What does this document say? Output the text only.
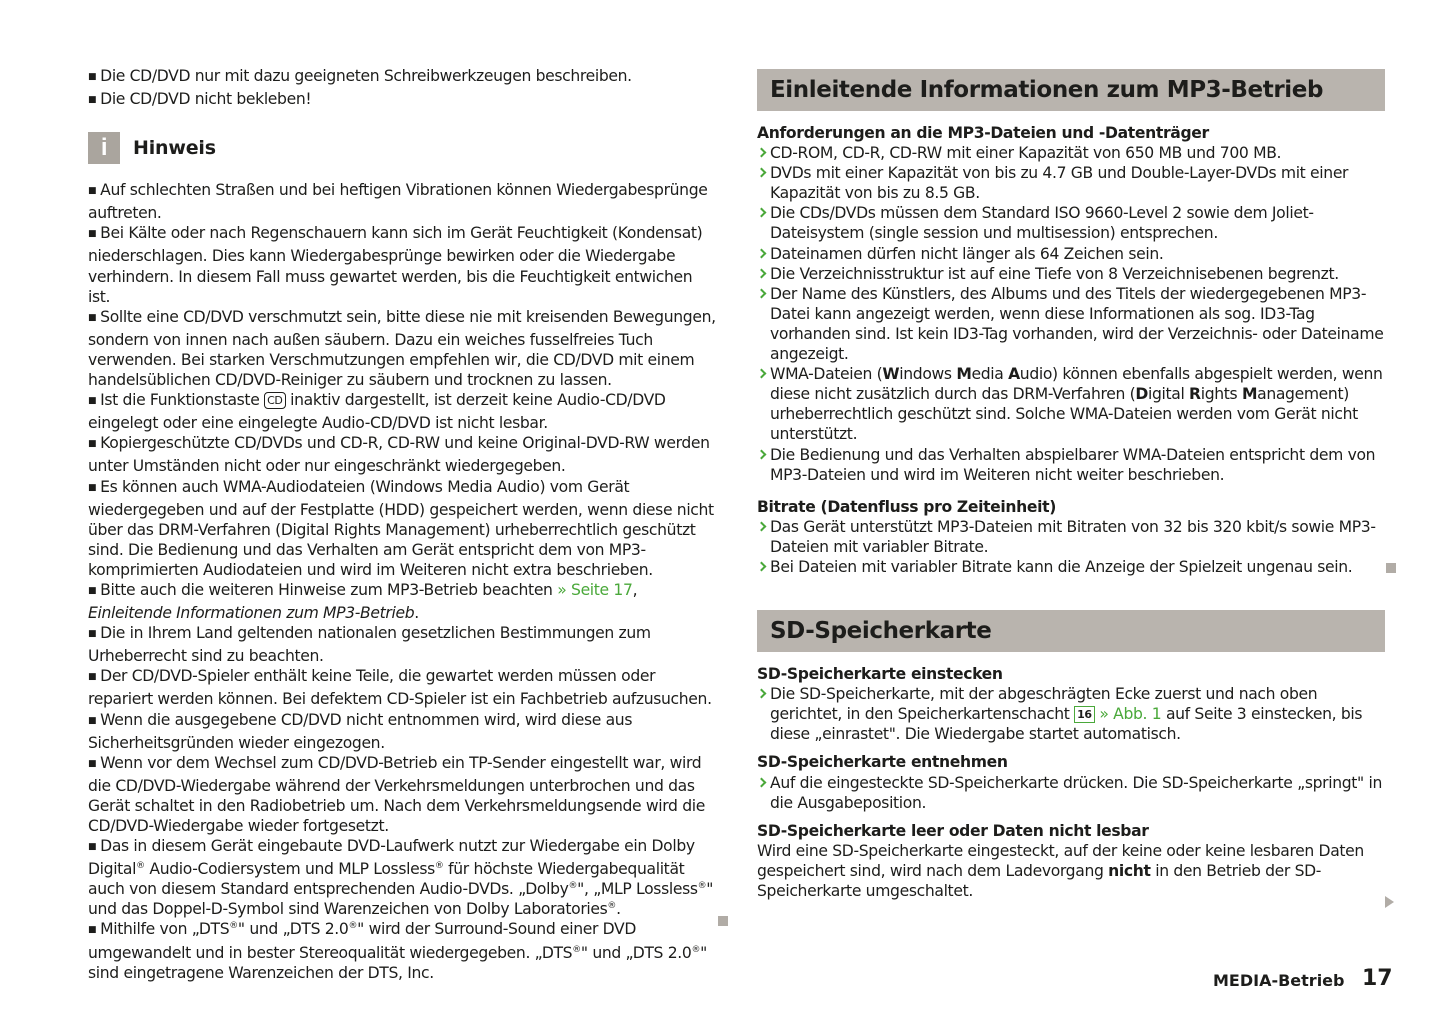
■ Die CD/DVD nur mit dazu geeigneten Schreibwerkzeugen beschreiben.

■ Die CD/DVD nicht bekleben!

i	Hinweis

■ Auf schlechten Straßen und bei heftigen Vibrationen können Wiedergabesprünge auftreten.

■ Bei Kälte oder nach Regenschauern kann sich im Gerät Feuchtigkeit (Kondensat) niederschlagen. Dies kann Wiedergabesprünge bewirken oder die Wiedergabe verhindern. In diesem Fall muss gewartet werden, bis die Feuchtigkeit entwichen ist.

■ Sollte eine CD/DVD verschmutzt sein, bitte diese nie mit kreisenden Bewegungen, sondern von innen nach außen säubern. Dazu ein weiches fusselfreies Tuch verwenden. Bei starken Verschmutzungen empfehlen wir, die CD/DVD mit einem handelsüblichen CD/DVD-Reiniger zu säubern und trocknen zu lassen.

■ Ist die Funktionstaste CD inaktiv dargestellt, ist derzeit keine Audio-CD/DVD eingelegt oder eine eingelegte Audio-CD/DVD ist nicht lesbar.

■ Kopiergeschützte CD/DVDs und CD-R, CD-RW und keine Original-DVD-RW werden unter Umständen nicht oder nur eingeschränkt wiedergegeben.

■ Es können auch WMA-Audiodateien (Windows Media Audio) vom Gerät wiedergegeben und auf der Festplatte (HDD) gespeichert werden, wenn diese nicht über das DRM-Verfahren (Digital Rights Management) urheberrechtlich geschützt sind. Die Bedienung und das Verhalten am Gerät entspricht dem von MP3-komprimierten Audiodateien und wird im Weiteren nicht extra beschrieben.

■ Bitte auch die weiteren Hinweise zum MP3-Betrieb beachten » Seite 17, Einleitende Informationen zum MP3-Betrieb.

■ Die in Ihrem Land geltenden nationalen gesetzlichen Bestimmungen zum Urheberrecht sind zu beachten.

■ Der CD/DVD-Spieler enthält keine Teile, die gewartet werden müssen oder repariert werden können. Bei defektem CD-Spieler ist ein Fachbetrieb aufzusuchen.

■ Wenn die ausgegebene CD/DVD nicht entnommen wird, wird diese aus Sicherheitsgründen wieder eingezogen.

■ Wenn vor dem Wechsel zum CD/DVD-Betrieb ein TP-Sender eingestellt war, wird die CD/DVD-Wiedergabe während der Verkehrsmeldungen unterbrochen und das Gerät schaltet in den Radiobetrieb um. Nach dem Verkehrsmeldungsende wird die CD/DVD-Wiedergabe wieder fortgesetzt.

■ Das in diesem Gerät eingebaute DVD-Laufwerk nutzt zur Wiedergabe ein Dolby Digital® Audio-Codiersystem und MLP Lossless® für höchste Wiedergabequalität auch von diesem Standard entsprechenden Audio-DVDs. „Dolby®", „MLP Lossless®" und das Doppel-D-Symbol sind Warenzeichen von Dolby Laboratories®.

■ Mithilfe von „DTS®" und „DTS 2.0®" wird der Surround-Sound einer DVD umgewandelt und in bester Stereoqualität wiedergegeben. „DTS®" und „DTS 2.0®" sind eingetragene Warenzeichen der DTS, Inc.

Einleitende Informationen zum MP3-Betrieb

Anforderungen an die MP3-Dateien und -Datenträger

CD-ROM, CD-R, CD-RW mit einer Kapazität von 650 MB und 700 MB.

DVDs mit einer Kapazität von bis zu 4.7 GB und Double-Layer-DVDs mit einer Kapazität von bis zu 8.5 GB.

Die CDs/DVDs müssen dem Standard ISO 9660-Level 2 sowie dem Joliet-Dateisystem (single session und multisession) entsprechen.

Dateinamen dürfen nicht länger als 64 Zeichen sein.

Die Verzeichnisstruktur ist auf eine Tiefe von 8 Verzeichnisebenen begrenzt.

Der Name des Künstlers, des Albums und des Titels der wiedergegebenen MP3-Datei kann angezeigt werden, wenn diese Informationen als sog. ID3-Tag vorhanden sind. Ist kein ID3-Tag vorhanden, wird der Verzeichnis- oder Dateiname angezeigt.

WMA-Dateien (Windows Media Audio) können ebenfalls abgespielt werden, wenn diese nicht zusätzlich durch das DRM-Verfahren (Digital Rights Management) urheberrechtlich geschützt sind. Solche WMA-Dateien werden vom Gerät nicht unterstützt.

Die Bedienung und das Verhalten abspielbarer WMA-Dateien entspricht dem von MP3-Dateien und wird im Weiteren nicht weiter beschrieben.

Bitrate (Datenfluss pro Zeiteinheit)

Das Gerät unterstützt MP3-Dateien mit Bitraten von 32 bis 320 kbit/s sowie MP3-Dateien mit variabler Bitrate.

Bei Dateien mit variabler Bitrate kann die Anzeige der Spielzeit ungenau sein.

SD-Speicherkarte

SD-Speicherkarte einstecken

Die SD-Speicherkarte, mit der abgeschrägten Ecke zuerst und nach oben gerichtet, in den Speicherkartenschacht 16 » Abb. 1 auf Seite 3 einstecken, bis diese „einrastet". Die Wiedergabe startet automatisch.

SD-Speicherkarte entnehmen

Auf die eingesteckte SD-Speicherkarte drücken. Die SD-Speicherkarte „springt" in die Ausgabeposition.

SD-Speicherkarte leer oder Daten nicht lesbar

Wird eine SD-Speicherkarte eingesteckt, auf der keine oder keine lesbaren Daten gespeichert sind, wird nach dem Ladevorgang nicht in den Betrieb der SD-Speicherkarte umgeschaltet.

MEDIA-Betrieb 17
